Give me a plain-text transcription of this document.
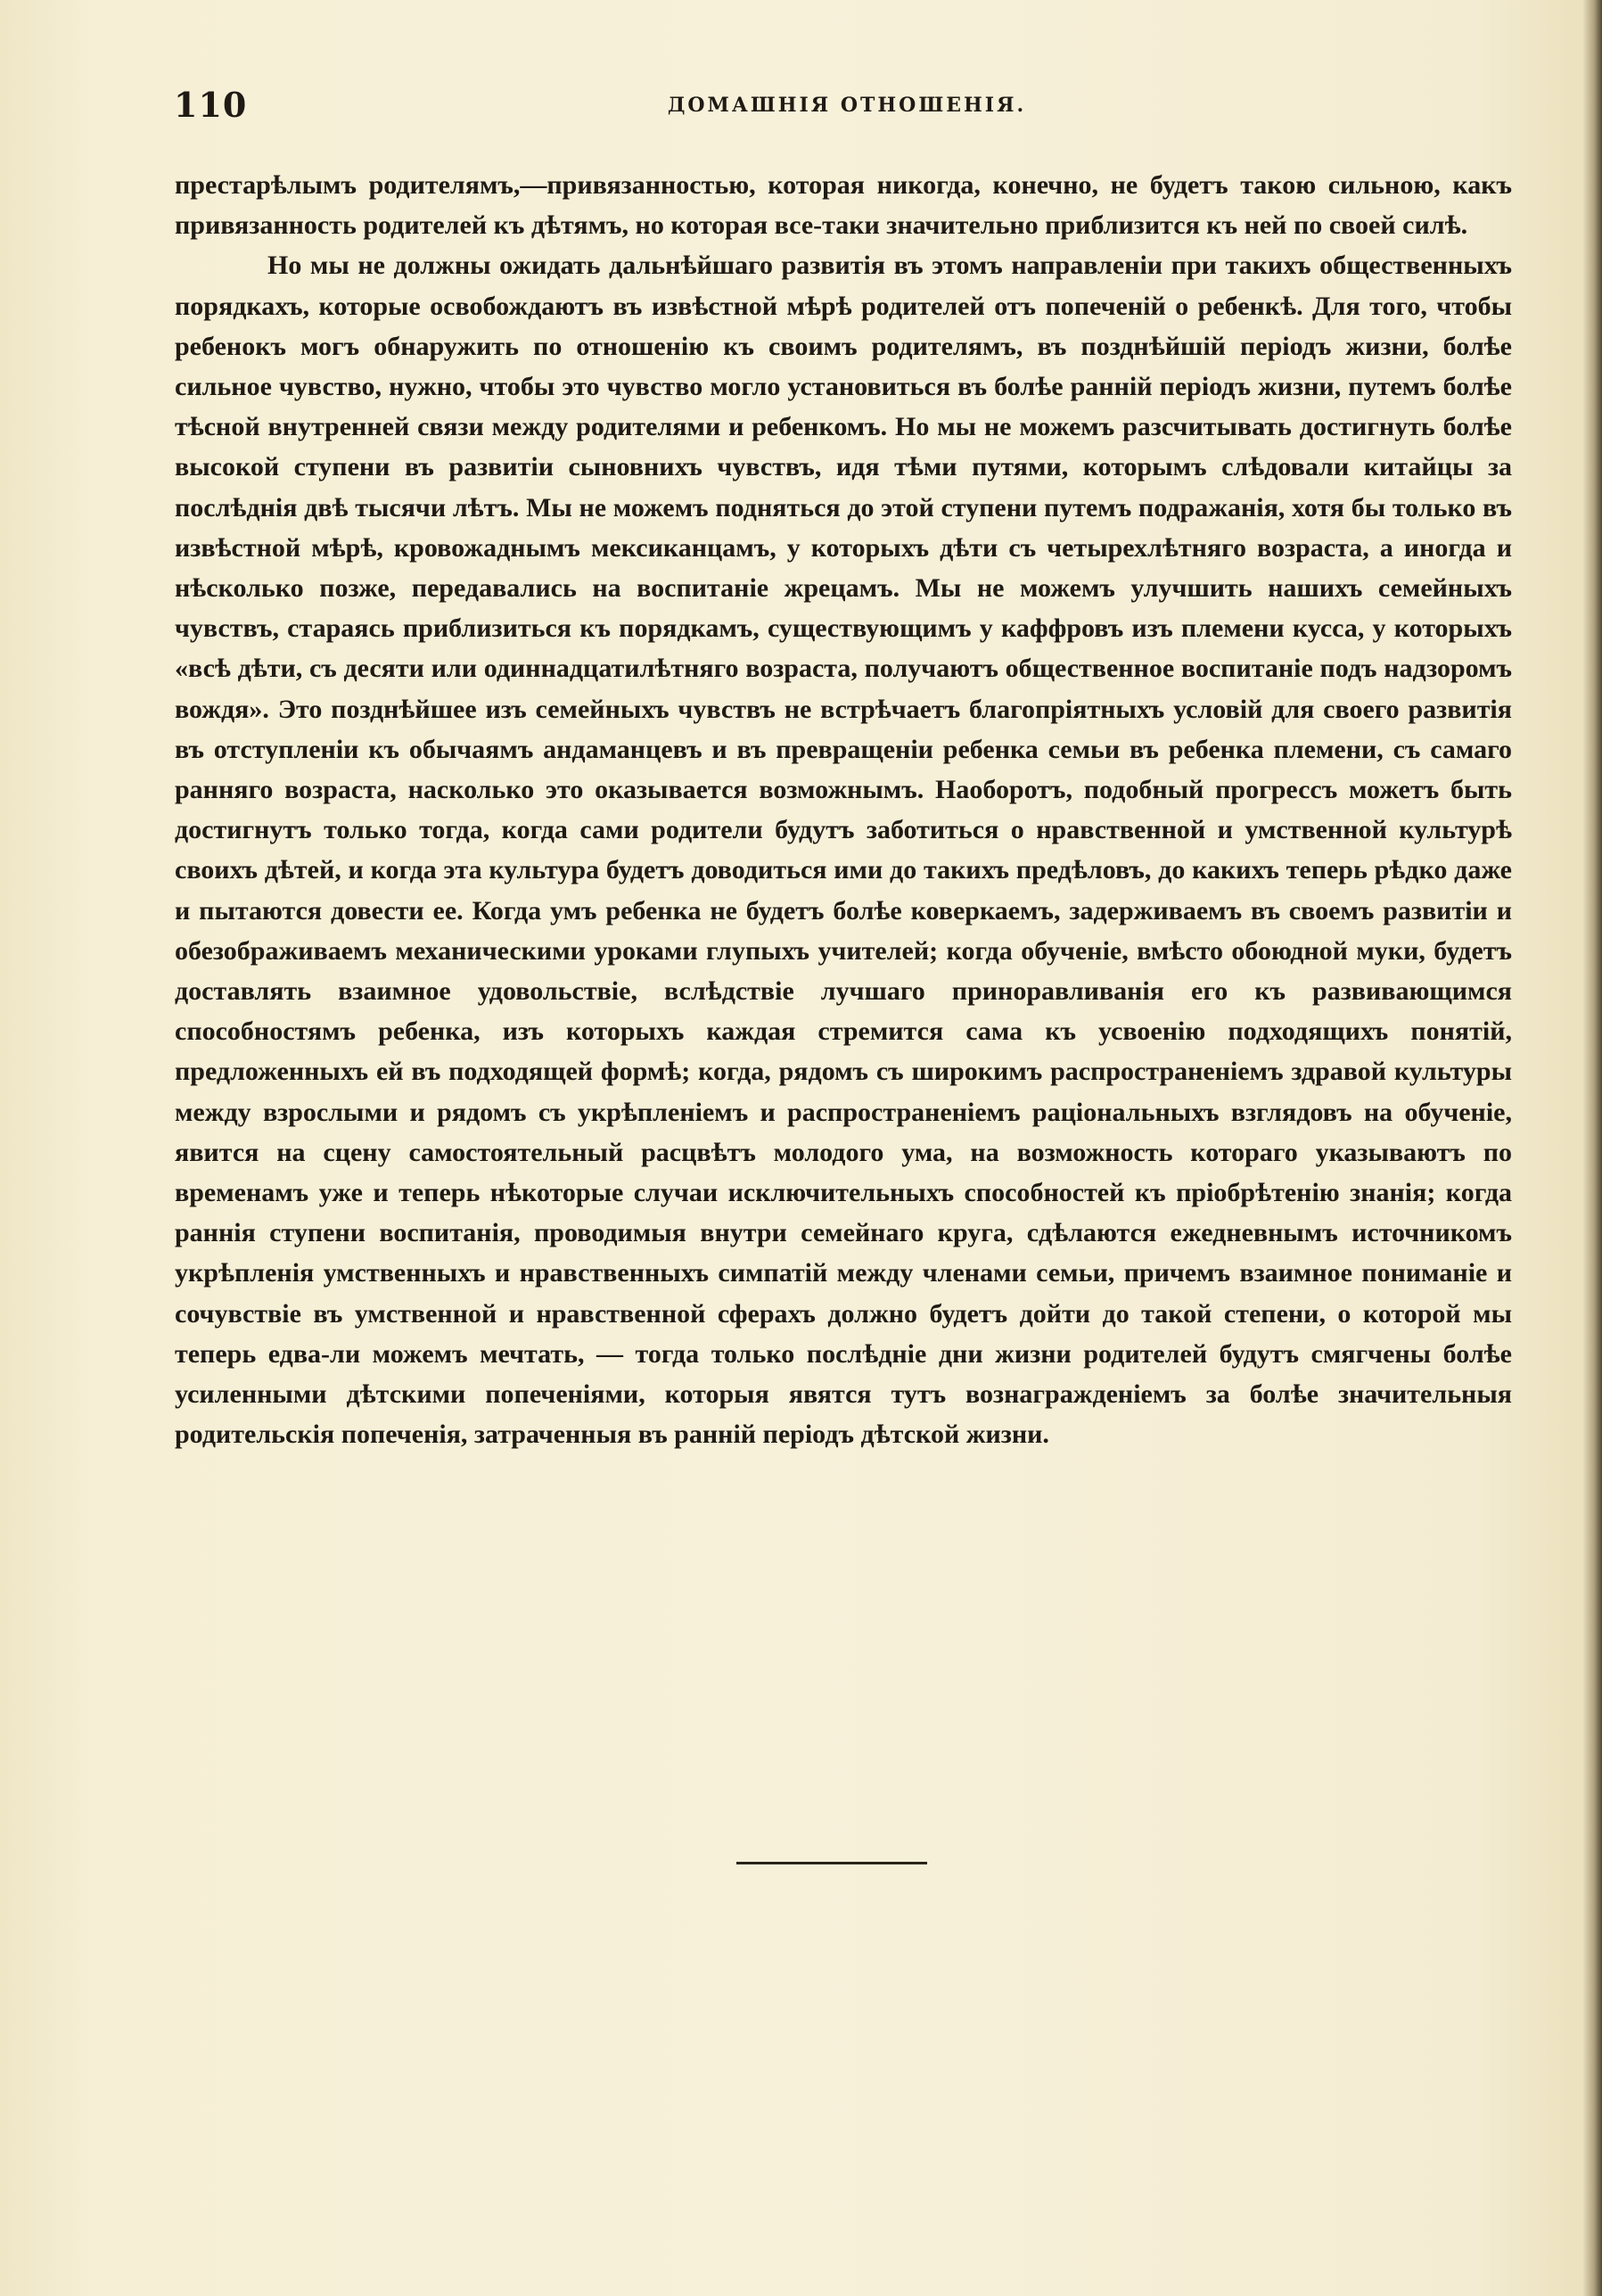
110	ДОМАШНІЯ ОТНОШЕНІЯ.

престарѣлымъ родителямъ,—привязанностью, которая никогда, конечно, не будетъ такою сильною, какъ привязанность родителей къ дѣтямъ, но которая все-таки значительно приблизится къ ней по своей силѣ.

Но мы не должны ожидать дальнѣйшаго развитія въ этомъ направленіи при такихъ общественныхъ порядкахъ, которые освобождаютъ въ извѣстной мѣрѣ родителей отъ попеченій о ребенкѣ. Для того, чтобы ребенокъ могъ обнаружить по отношенію къ своимъ родителямъ, въ позднѣйшій періодъ жизни, болѣе сильное чувство, нужно, чтобы это чувство могло установиться въ болѣе ранній періодъ жизни, путемъ болѣе тѣсной внутренней связи между родителями и ребенкомъ. Но мы не можемъ разсчитывать достигнуть болѣе высокой ступени въ развитіи сыновнихъ чувствъ, идя тѣми путями, которымъ слѣдовали китайцы за послѣднія двѣ тысячи лѣтъ. Мы не можемъ подняться до этой ступени путемъ подражанія, хотя бы только въ извѣстной мѣрѣ, кровожаднымъ мексиканцамъ, у которыхъ дѣти съ четырехлѣтняго возраста, а иногда и нѣсколько позже, передавались на воспитаніе жрецамъ. Мы не можемъ улучшить нашихъ семейныхъ чувствъ, стараясь приблизиться къ порядкамъ, существующимъ у каффровъ изъ племени кусса, у которыхъ «всѣ дѣти, съ десяти или одиннадцатилѣтняго возраста, получаютъ общественное воспитаніе подъ надзоромъ вождя». Это позднѣйшее изъ семейныхъ чувствъ не встрѣчаетъ благопріятныхъ условій для своего развитія въ отступленіи къ обычаямъ андаманцевъ и въ превращеніи ребенка семьи въ ребенка племени, съ самаго ранняго возраста, насколько это оказывается возможнымъ. Наоборотъ, подобный прогрессъ можетъ быть достигнутъ только тогда, когда сами родители будутъ заботиться о нравственной и умственной культурѣ своихъ дѣтей, и когда эта культура будетъ доводиться ими до такихъ предѣловъ, до какихъ теперь рѣдко даже и пытаются довести ее. Когда умъ ребенка не будетъ болѣе коверкаемъ, задерживаемъ въ своемъ развитіи и обезображиваемъ механическими уроками глупыхъ учителей; когда обученіе, вмѣсто обоюдной муки, будетъ доставлять взаимное удовольствіе, вслѣдствіе лучшаго приноравливанія его къ развивающимся способностямъ ребенка, изъ которыхъ каждая стремится сама къ усвоенію подходящихъ понятій, предложенныхъ ей въ подходящей формѣ; когда, рядомъ съ широкимъ распространеніемъ здравой культуры между взрослыми и рядомъ съ укрѣпленіемъ и распространеніемъ раціональныхъ взглядовъ на обученіе, явится на сцену самостоятельный расцвѣтъ молодого ума, на возможность котораго указываютъ по временамъ уже и теперь нѣкоторые случаи исключительныхъ способностей къ пріобрѣтенію знанія; когда раннія ступени воспитанія, проводимыя внутри семейнаго круга, сдѣлаются ежедневнымъ источникомъ укрѣпленія умственныхъ и нравственныхъ симпатій между членами семьи, причемъ взаимное пониманіе и сочувствіе въ умственной и нравственной сферахъ должно будетъ дойти до такой степени, о которой мы теперь едва-ли можемъ мечтать, — тогда только послѣдніе дни жизни родителей будутъ смягчены болѣе усиленными дѣтскими попеченіями, которыя явятся тутъ вознагражденіемъ за болѣе значительныя родительскія попеченія, затраченныя въ ранній періодъ дѣтской жизни.
